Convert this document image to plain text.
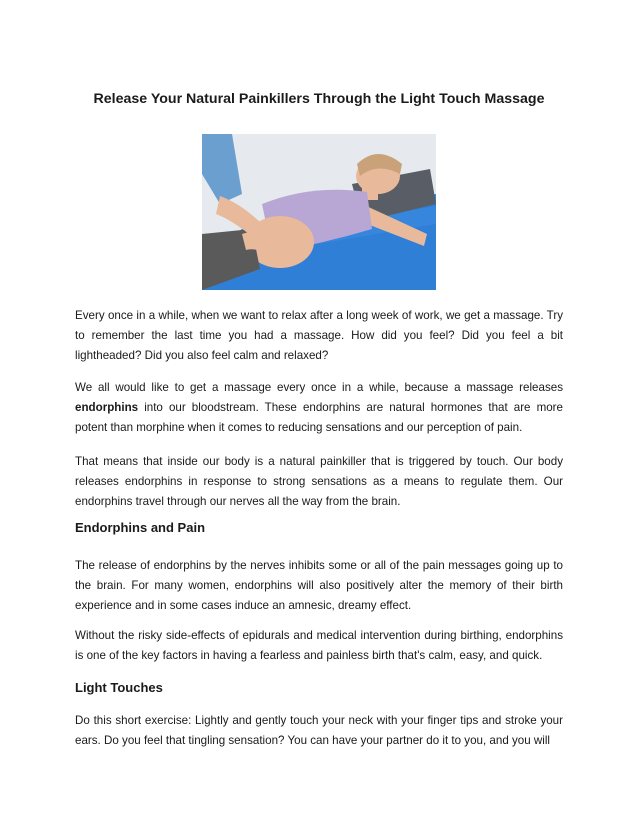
Release Your Natural Painkillers Through the Light Touch Massage

Every once in a while, when we want to relax after a long week of work, we get a massage. Try to remember the last time you had a massage. How did you feel? Did you feel a bit lightheaded? Did you also feel calm and relaxed?

We all would like to get a massage every once in a while, because a massage releases endorphins into our bloodstream. These endorphins are natural hormones that are more potent than morphine when it comes to reducing sensations and our perception of pain.

That means that inside our body is a natural painkiller that is triggered by touch. Our body releases endorphins in response to strong sensations as a means to regulate them. Our endorphins travel through our nerves all the way from the brain.

Endorphins and Pain

The release of endorphins by the nerves inhibits some or all of the pain messages going up to the brain. For many women, endorphins will also positively alter the memory of their birth experience and in some cases induce an amnesic, dreamy effect.

Without the risky side-effects of epidurals and medical intervention during birthing, endorphins is one of the key factors in having a fearless and painless birth that's calm, easy, and quick.

Light Touches

Do this short exercise: Lightly and gently touch your neck with your finger tips and stroke your ears. Do you feel that tingling sensation? You can have your partner do it to you, and you will
